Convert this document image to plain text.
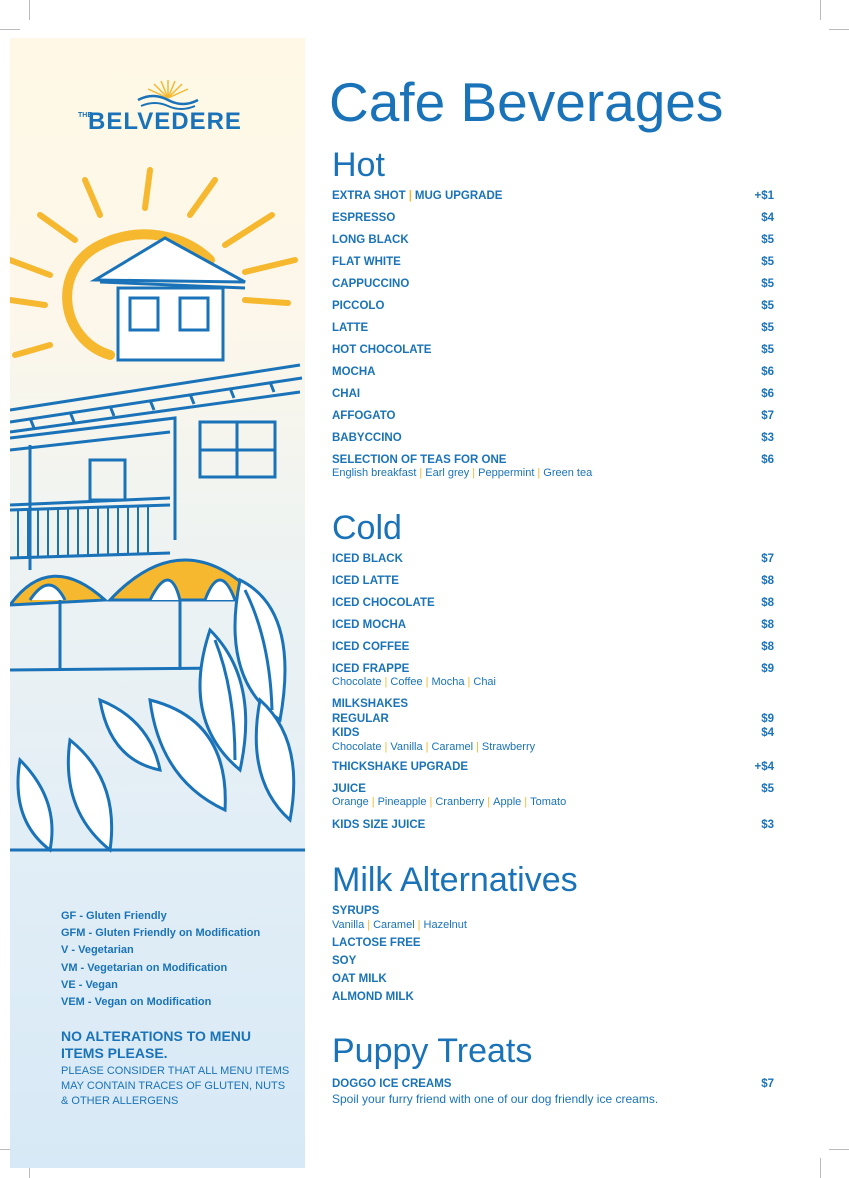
THE
BELVEDERE
GF - Gluten Friendly
GFM - Gluten Friendly on Modification
V - Vegetarian
VM - Vegetarian on Modification
VE - Vegan
VEM - Vegan on Modification
NO ALTERATIONS TO MENU ITEMS PLEASE.
PLEASE CONSIDER THAT ALL MENU ITEMS MAY CONTAIN TRACES OF GLUTEN, NUTS & OTHER ALLERGENS
Cafe Beverages
Hot
EXTRA SHOT | MUG UPGRADE	+$1
ESPRESSO	$4
LONG BLACK	$5
FLAT WHITE	$5
CAPPUCCINO	$5
PICCOLO	$5
LATTE	$5
HOT CHOCOLATE	$5
MOCHA	$6
CHAI	$6
AFFOGATO	$7
BABYCCINO	$3
SELECTION OF TEAS FOR ONE	$6
English breakfast | Earl grey | Peppermint | Green tea
Cold
ICED BLACK	$7
ICED LATTE	$8
ICED CHOCOLATE	$8
ICED MOCHA	$8
ICED COFFEE	$8
ICED FRAPPE	$9
Chocolate | Coffee | Mocha | Chai
MILKSHAKES
REGULAR	$9
KIDS	$4
Chocolate | Vanilla | Caramel | Strawberry
THICKSHAKE UPGRADE	+$4
JUICE	$5
Orange | Pineapple | Cranberry | Apple | Tomato
KIDS SIZE JUICE	$3
Milk Alternatives
SYRUPS
Vanilla | Caramel | Hazelnut
LACTOSE FREE
SOY
OAT MILK
ALMOND MILK
Puppy Treats
DOGGO ICE CREAMS	$7
Spoil your furry friend with one of our dog friendly ice creams.
